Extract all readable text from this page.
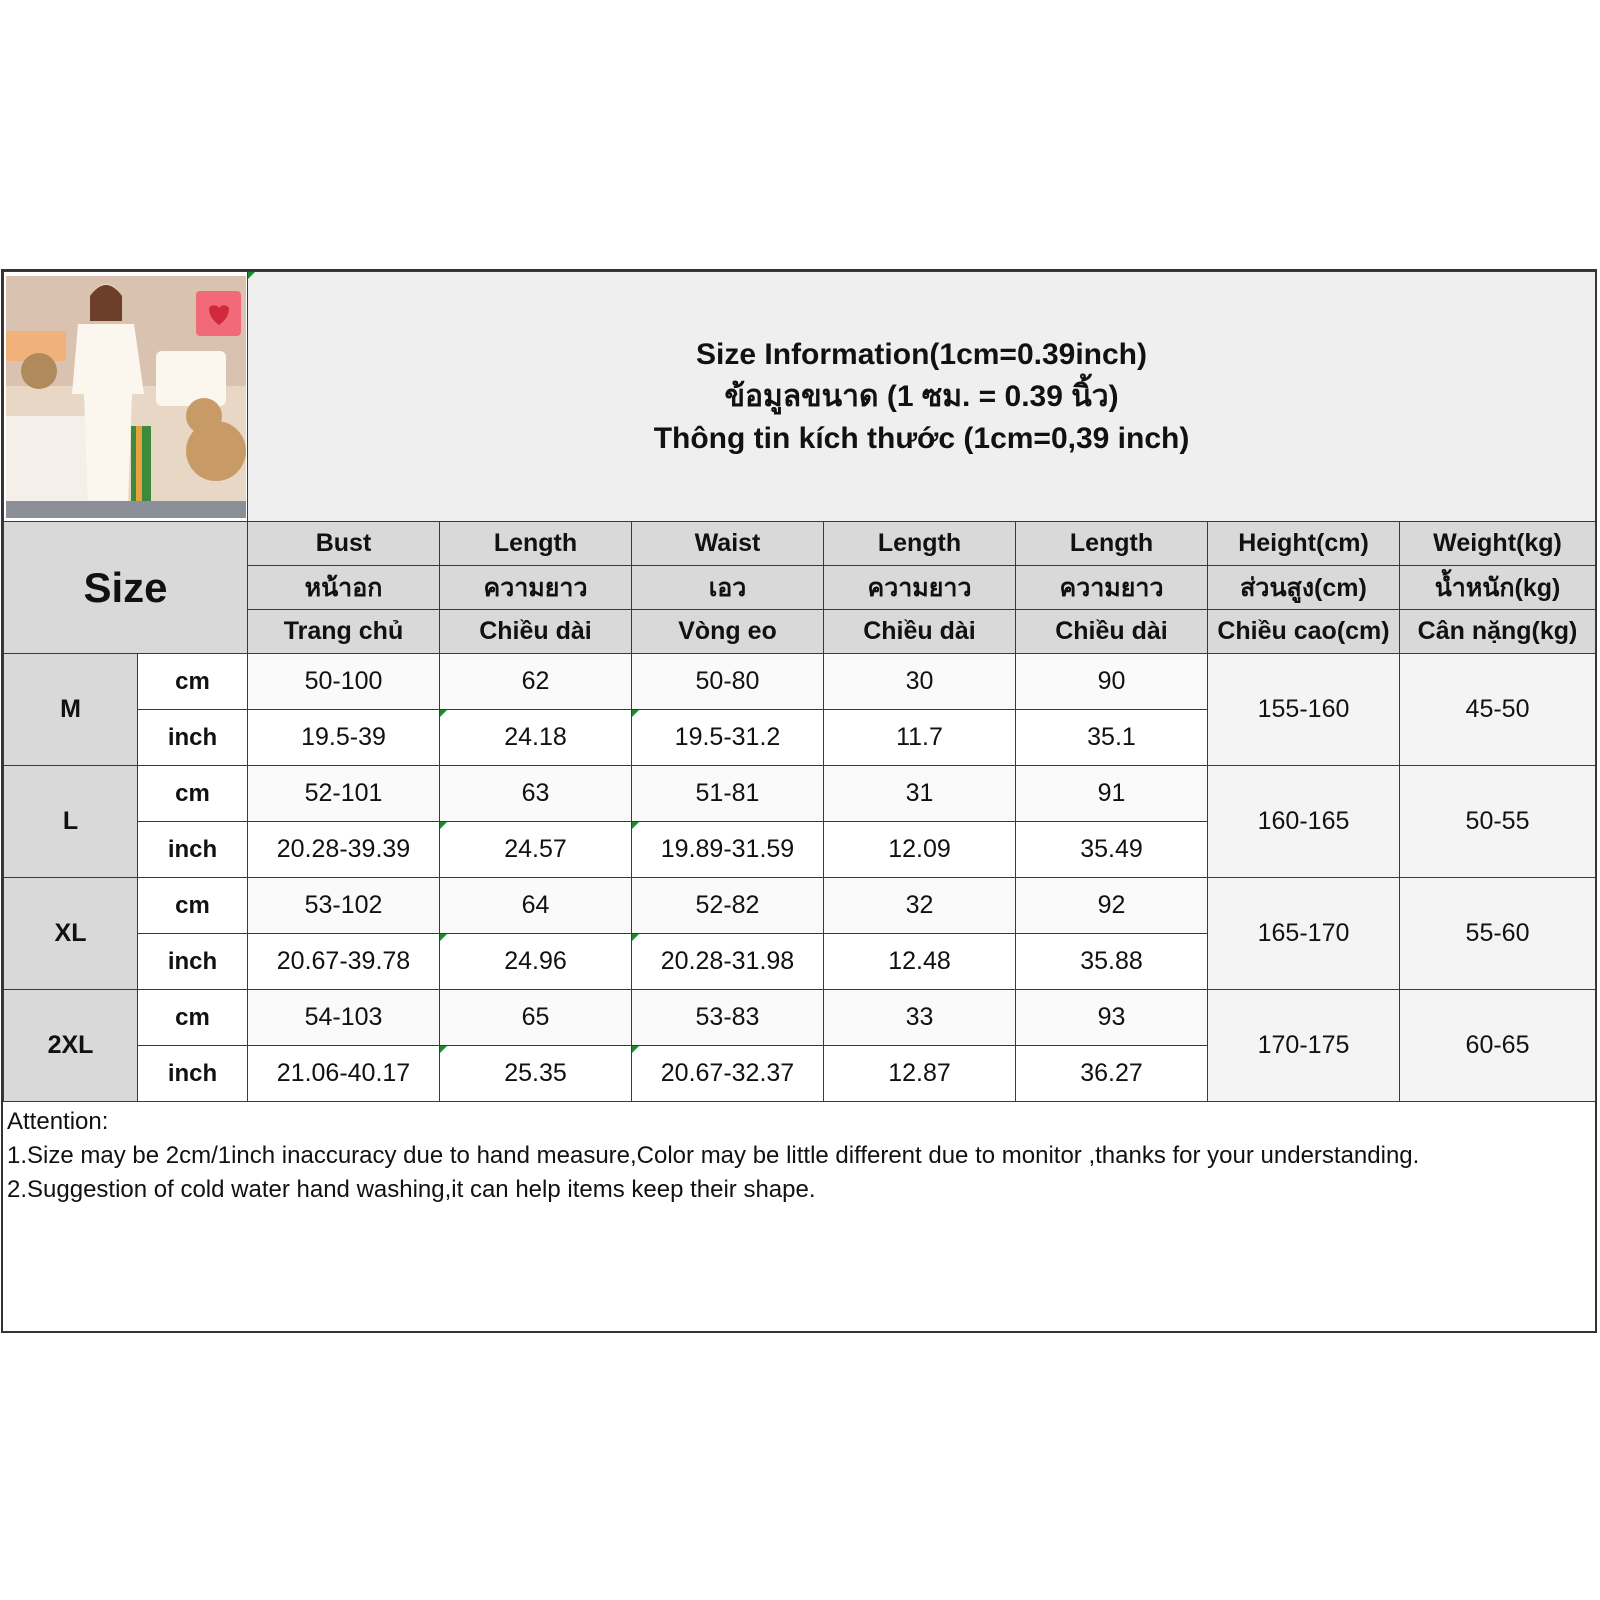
Size Information(1cm=0.39inch)
ข้อมูลขนาด (1 ซม. = 0.39 นิ้ว)
Thông tin kích thước (1cm=0,39 inch)						

Size		Bust	Length	Waist	Length	Length	Height(cm)	Weight(kg)
		หน้าอก	ความยาว	เอว	ความยาว	ความยาว	ส่วนสูง(cm)	น้ำหนัก(kg)
		Trang chủ	Chiều dài	Vòng eo	Chiều dài	Chiều dài	Chiều cao(cm)	Cân nặng(kg)
M	cm	50-100	62	50-80	30	90	155-160	45-50
	inch	19.5-39	24.18	19.5-31.2	11.7	35.1		
L	cm	52-101	63	51-81	31	91	160-165	50-55
	inch	20.28-39.39	24.57	19.89-31.59	12.09	35.49		
XL	cm	53-102	64	52-82	32	92	165-170	55-60
	inch	20.67-39.78	24.96	20.28-31.98	12.48	35.88		
2XL	cm	54-103	65	53-83	33	93	170-175	60-65
	inch	21.06-40.17	25.35	20.67-32.37	12.87	36.27		
Attention:
1.Size may be 2cm/1inch inaccuracy due to hand measure,Color may be little different due to monitor ,thanks for your understanding.
2.Suggestion of cold water hand washing,it can help items keep their shape.
